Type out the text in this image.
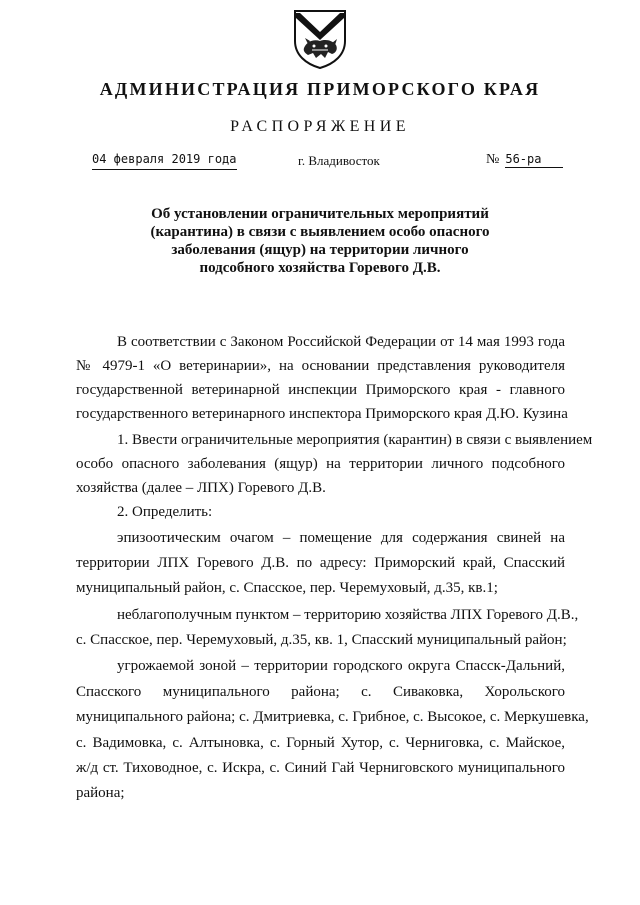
АДМИНИСТРАЦИЯ ПРИМОРСКОГО КРАЯ
РАСПОРЯЖЕНИЕ
04 февраля 2019 года	г. Владивосток	№ 56-ра
Об установлении ограничительных мероприятий
(карантина) в связи с выявлением особо опасного
заболевания (ящур) на территории личного
подсобного хозяйства Горевого Д.В.
В соответствии с Законом Российской Федерации от 14 мая 1993 года
№ 4979-1 «О ветеринарии», на основании представления руководителя
государственной ветеринарной инспекции Приморского края - главного
государственного ветеринарного инспектора Приморского края Д.Ю. Кузина
1. Ввести ограничительные мероприятия (карантин) в связи с выявлением
особо опасного заболевания (ящур) на территории личного подсобного
хозяйства (далее – ЛПХ) Горевого Д.В.
2. Определить:
эпизоотическим очагом – помещение для содержания свиней на
территории ЛПХ Горевого Д.В. по адресу: Приморский край, Спасский
муниципальный район, с. Спасское, пер. Черемуховый, д.35, кв.1;
неблагополучным пунктом – территорию хозяйства ЛПХ Горевого Д.В.,
с. Спасское, пер. Черемуховый, д.35, кв. 1, Спасский муниципальный район;
угрожаемой зоной – территории городского округа Спасск-Дальний,
Спасского муниципального района; с. Сиваковка, Хорольского
муниципального района; с. Дмитриевка, с. Грибное, с. Высокое, с. Меркушевка,
с. Вадимовка, с. Алтыновка, с. Горный Хутор, с. Черниговка, с. Майское,
ж/д ст. Тиховодное, с. Искра, с. Синий Гай Черниговского муниципального
района;
